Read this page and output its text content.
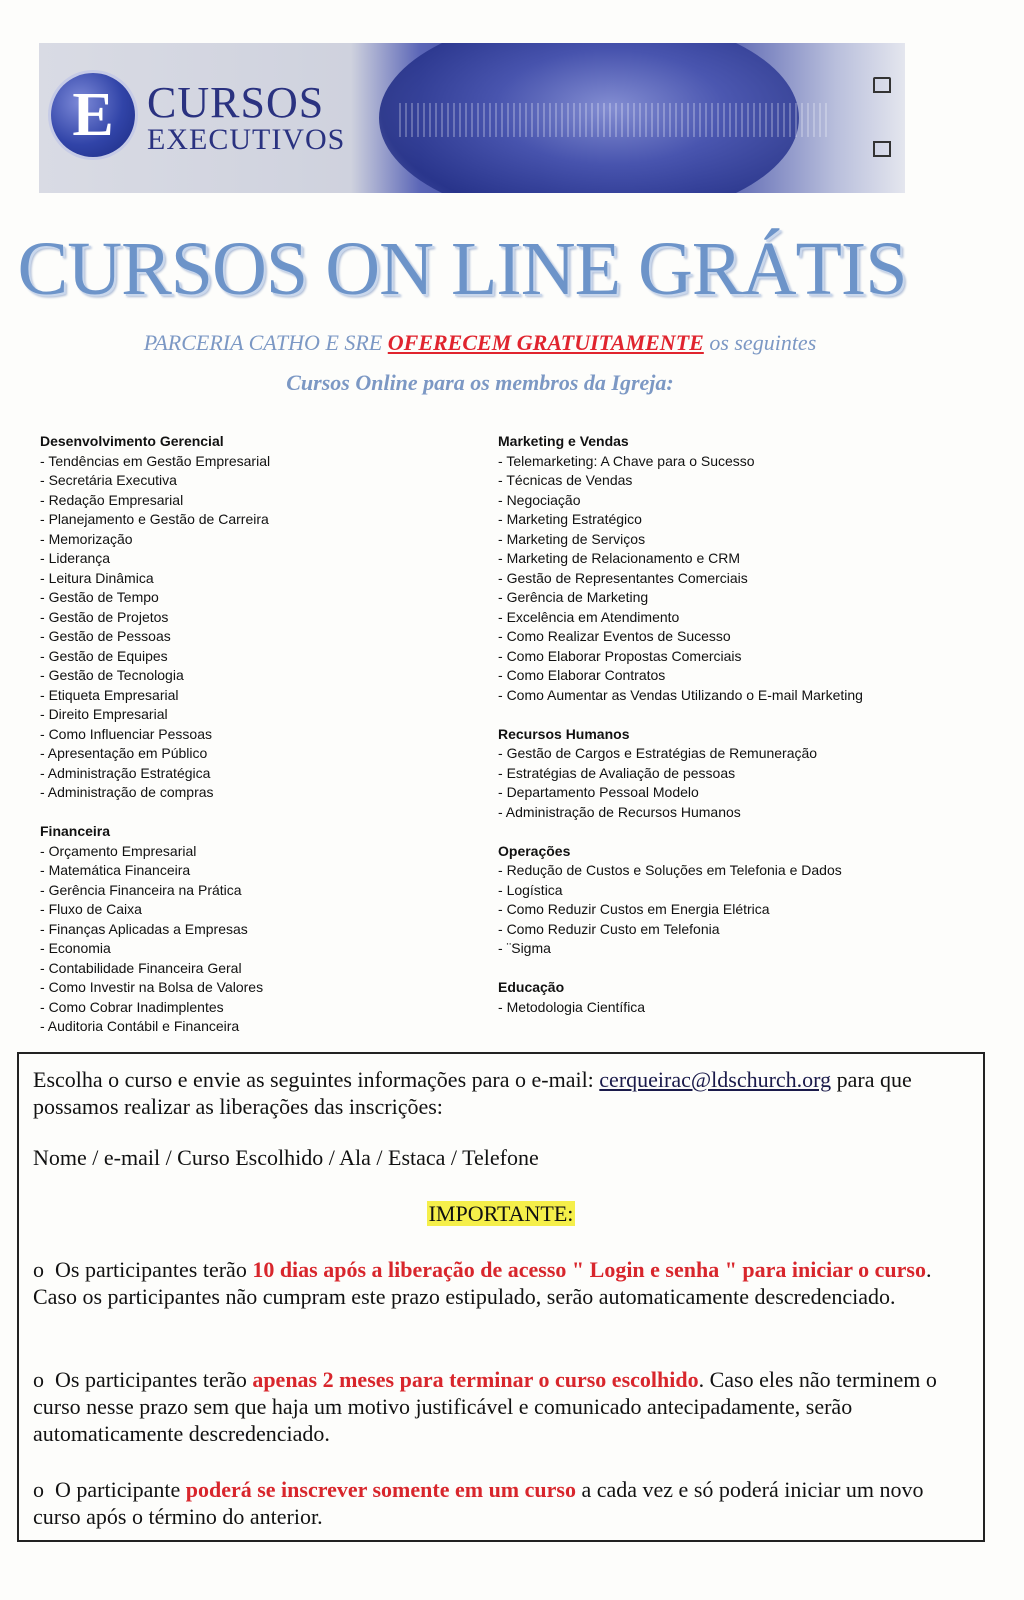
E CURSOS
EXECUTIVOS
CURSOS ON LINE GRÁTIS
PARCERIA CATHO E SRE OFERECEM GRATUITAMENTE os seguintes
Cursos Online para os membros da Igreja:
Desenvolvimento Gerencial
- Tendências em Gestão Empresarial
- Secretária Executiva
- Redação Empresarial
- Planejamento e Gestão de Carreira
- Memorização
- Liderança
- Leitura Dinâmica
- Gestão de Tempo
- Gestão de Projetos
- Gestão de Pessoas
- Gestão de Equipes
- Gestão de Tecnologia
- Etiqueta Empresarial
- Direito Empresarial
- Como Influenciar Pessoas
- Apresentação em Público
- Administração Estratégica
- Administração de compras
Financeira
- Orçamento Empresarial
- Matemática Financeira
- Gerência Financeira na Prática
- Fluxo de Caixa
- Finanças Aplicadas a Empresas
- Economia
- Contabilidade Financeira Geral
- Como Investir na Bolsa de Valores
- Como Cobrar Inadimplentes
- Auditoria Contábil e Financeira
Marketing e Vendas
- Telemarketing: A Chave para o Sucesso
- Técnicas de Vendas
- Negociação
- Marketing Estratégico
- Marketing de Serviços
- Marketing de Relacionamento e CRM
- Gestão de Representantes Comerciais
- Gerência de Marketing
- Excelência em Atendimento
- Como Realizar Eventos de Sucesso
- Como Elaborar Propostas Comerciais
- Como Elaborar Contratos
- Como Aumentar as Vendas Utilizando o E-mail Marketing
Recursos Humanos
- Gestão de Cargos e Estratégias de Remuneração
- Estratégias de Avaliação de pessoas
- Departamento Pessoal Modelo
- Administração de Recursos Humanos
Operações
- Redução de Custos e Soluções em Telefonia e Dados
- Logística
- Como Reduzir Custos em Energia Elétrica
- Como Reduzir Custo em Telefonia
- ¨Sigma
Educação
- Metodologia Científica

Escolha o curso e envie as seguintes informações para o e-mail: cerqueirac@ldschurch.org para que possamos realizar as liberações das inscrições:

Nome / e-mail / Curso Escolhido / Ala / Estaca / Telefone

IMPORTANTE:

o Os participantes terão 10 dias após a liberação de acesso " Login e senha " para iniciar o curso. Caso os participantes não cumpram este prazo estipulado, serão automaticamente descredenciado.

o Os participantes terão apenas 2 meses para terminar o curso escolhido. Caso eles não terminem o curso nesse prazo sem que haja um motivo justificável e comunicado antecipadamente, serão automaticamente descredenciado.

o O participante poderá se inscrever somente em um curso a cada vez e só poderá iniciar um novo curso após o término do anterior.
